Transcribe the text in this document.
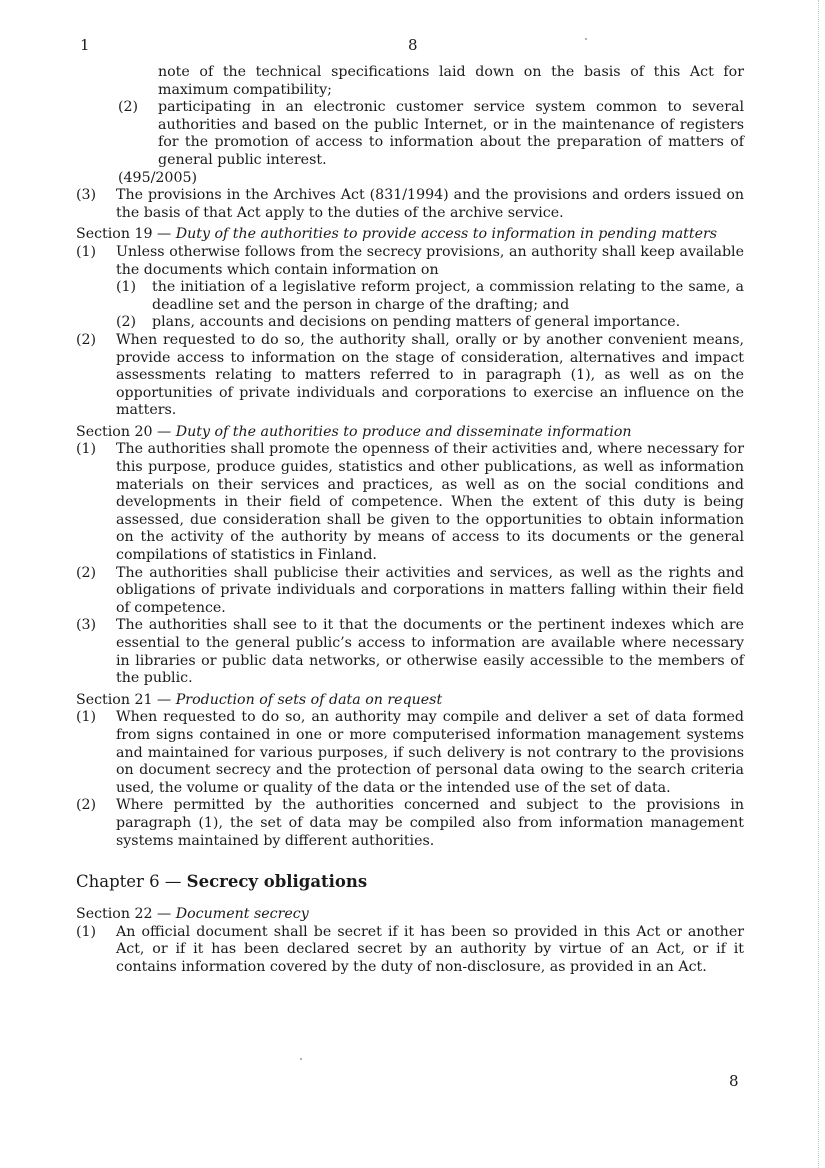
1	8
note of the technical specifications laid down on the basis of this Act for maximum compatibility;
(2)	participating in an electronic customer service system common to several authorities and based on the public Internet, or in the maintenance of registers for the promotion of access to information about the preparation of matters of general public interest.
(495/2005)
(3)	The provisions in the Archives Act (831/1994) and the provisions and orders issued on the basis of that Act apply to the duties of the archive service.
Section 19 — Duty of the authorities to provide access to information in pending matters
(1)	Unless otherwise follows from the secrecy provisions, an authority shall keep available the documents which contain information on
(1)	the initiation of a legislative reform project, a commission relating to the same, a deadline set and the person in charge of the drafting; and
(2)	plans, accounts and decisions on pending matters of general importance.
(2)	When requested to do so, the authority shall, orally or by another convenient means, provide access to information on the stage of consideration, alternatives and impact assessments relating to matters referred to in paragraph (1), as well as on the opportunities of private individuals and corporations to exercise an influence on the matters.
Section 20 — Duty of the authorities to produce and disseminate information
(1)	The authorities shall promote the openness of their activities and, where necessary for this purpose, produce guides, statistics and other publications, as well as information materials on their services and practices, as well as on the social conditions and developments in their field of competence. When the extent of this duty is being assessed, due consideration shall be given to the opportunities to obtain information on the activity of the authority by means of access to its documents or the general compilations of statistics in Finland.
(2)	The authorities shall publicise their activities and services, as well as the rights and obligations of private individuals and corporations in matters falling within their field of competence.
(3)	The authorities shall see to it that the documents or the pertinent indexes which are essential to the general public’s access to information are available where necessary in libraries or public data networks, or otherwise easily accessible to the members of the public.
Section 21 — Production of sets of data on request
(1)	When requested to do so, an authority may compile and deliver a set of data formed from signs contained in one or more computerised information management systems and maintained for various purposes, if such delivery is not contrary to the provisions on document secrecy and the protection of personal data owing to the search criteria used, the volume or quality of the data or the intended use of the set of data.
(2)	Where permitted by the authorities concerned and subject to the provisions in paragraph (1), the set of data may be compiled also from information management systems maintained by different authorities.
Chapter 6 — Secrecy obligations
Section 22 — Document secrecy
(1)	An official document shall be secret if it has been so provided in this Act or another Act, or if it has been declared secret by an authority by virtue of an Act, or if it contains information covered by the duty of non-disclosure, as provided in an Act.
8
